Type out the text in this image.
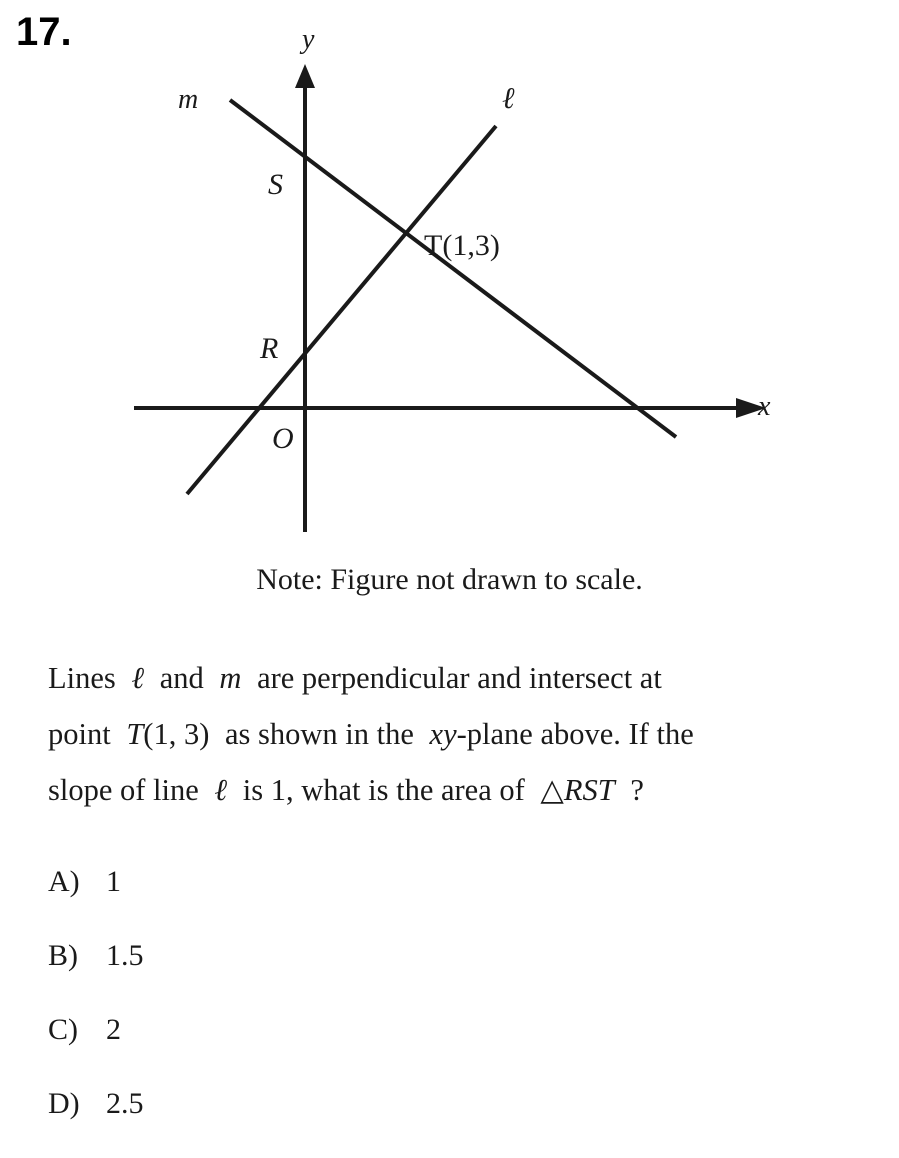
17.	y
x
m	ℓ
S
T(1,3)
R
O
Note: Figure not drawn to scale.
Lines ℓ and m are perpendicular and intersect at
point T(1, 3) as shown in the xy-plane above. If the
slope of line ℓ is 1, what is the area of △RST ?
A) 1
B) 1.5
C) 2
D) 2.5
